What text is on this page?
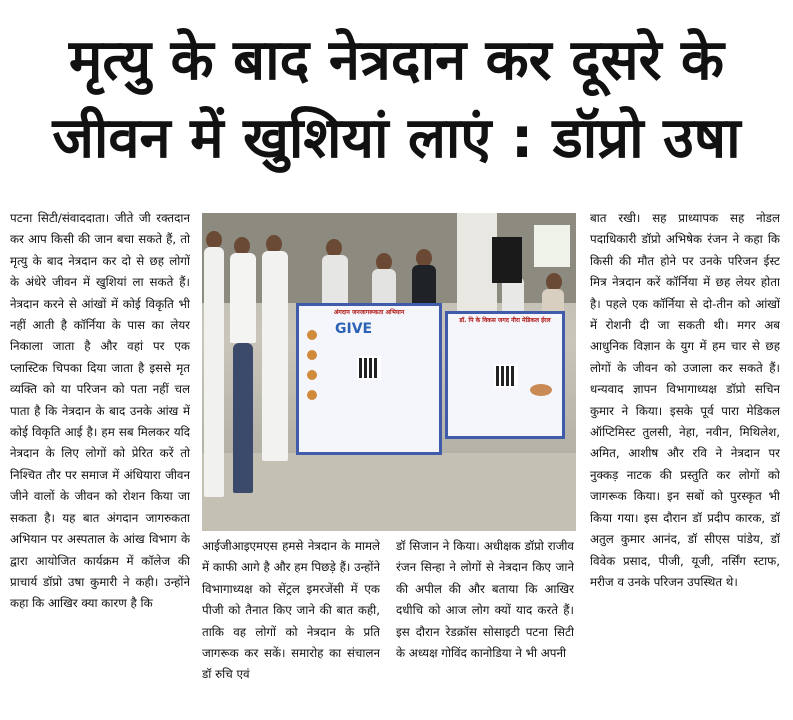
मृत्यु के बाद नेत्रदान कर दूसरे के
जीवन में खुशियां लाएं : डॉप्रो उषा

पटना सिटी/संवाददाता। जीते जी रक्तदान कर आप किसी की जान बचा सकते हैं, तो मृत्यु के बाद नेत्रदान कर दो से छह लोगों के अंधेरे जीवन में खुशियां ला सकते हैं। नेत्रदान करने से आंखों में कोई विकृति भी नहीं आती है कॉर्निया के पास का लेयर निकाला जाता है और वहां पर एक प्लास्टिक चिपका दिया जाता है इससे मृत व्यक्ति को या परिजन को पता नहीं चल पाता है कि नेत्रदान के बाद उनके आंख में कोई विकृति आई है। हम सब मिलकर यदि नेत्रदान के लिए लोगों को प्रेरित करें तो निश्चित तौर पर समाज में अंधियारा जीवन जीने वालों के जीवन को रोशन किया जा सकता है। यह बात अंगदान जागरुकता अभियान पर अस्पताल के आंख विभाग के द्वारा आयोजित कार्यक्रम में कॉलेज की प्राचार्य डॉप्रो उषा कुमारी ने कही। उन्होंने कहा कि आखिर क्या कारण है कि

अंगदान जनजागरूकता अभियान
GIVE
डॉ. पि के विकस जगद नीरा मेडिकल ईरल

आईजीआइएमएस हमसे नेत्रदान के मामले में काफी आगे है और हम पिछड़े हैं। उन्होंने विभागाध्यक्ष को सेंट्रल इमरजेंसी में एक पीजी को तैनात किए जाने की बात कही, ताकि वह लोगों को नेत्रदान के प्रति जागरूक कर सकें। समारोह का संचालन डॉ रुचि एवं

डॉ सिजान ने किया। अधीक्षक डॉप्रो राजीव रंजन सिन्हा ने लोगों से नेत्रदान किए जाने की अपील की और बताया कि आखिर दधीचि को आज लोग क्यों याद करते हैं। इस दौरान रेडक्रॉस सोसाइटी पटना सिटी के अध्यक्ष गोविंद कानोडिया ने भी अपनी

बात रखी। सह प्राध्यापक सह नोडल पदाधिकारी डॉप्रो अभिषेक रंजन ने कहा कि किसी की मौत होने पर उनके परिजन ईस्ट मित्र नेत्रदान करें कॉर्निया में छह लेयर होता है। पहले एक कॉर्निया से दो-तीन को आंखों में रोशनी दी जा सकती थी। मगर अब आधुनिक विज्ञान के युग में हम चार से छह लोगों के जीवन को उजाला कर सकते हैं। धन्यवाद ज्ञापन विभागाध्यक्ष डॉप्रो सचिन कुमार ने किया। इसके पूर्व पारा मेडिकल ऑप्टिमिस्ट तुलसी, नेहा, नवीन, मिथिलेश, अमित, आशीष और रवि ने नेत्रदान पर नुक्कड़ नाटक की प्रस्तुति कर लोगों को जागरूक किया। इन सबों को पुरस्कृत भी किया गया। इस दौरान डॉ प्रदीप कारक, डॉ अतुल कुमार आनंद, डॉ सीएस पांडेय, डॉ विवेक प्रसाद, पीजी, यूजी, नर्सिंग स्टाफ, मरीज व उनके परिजन उपस्थित थे।
